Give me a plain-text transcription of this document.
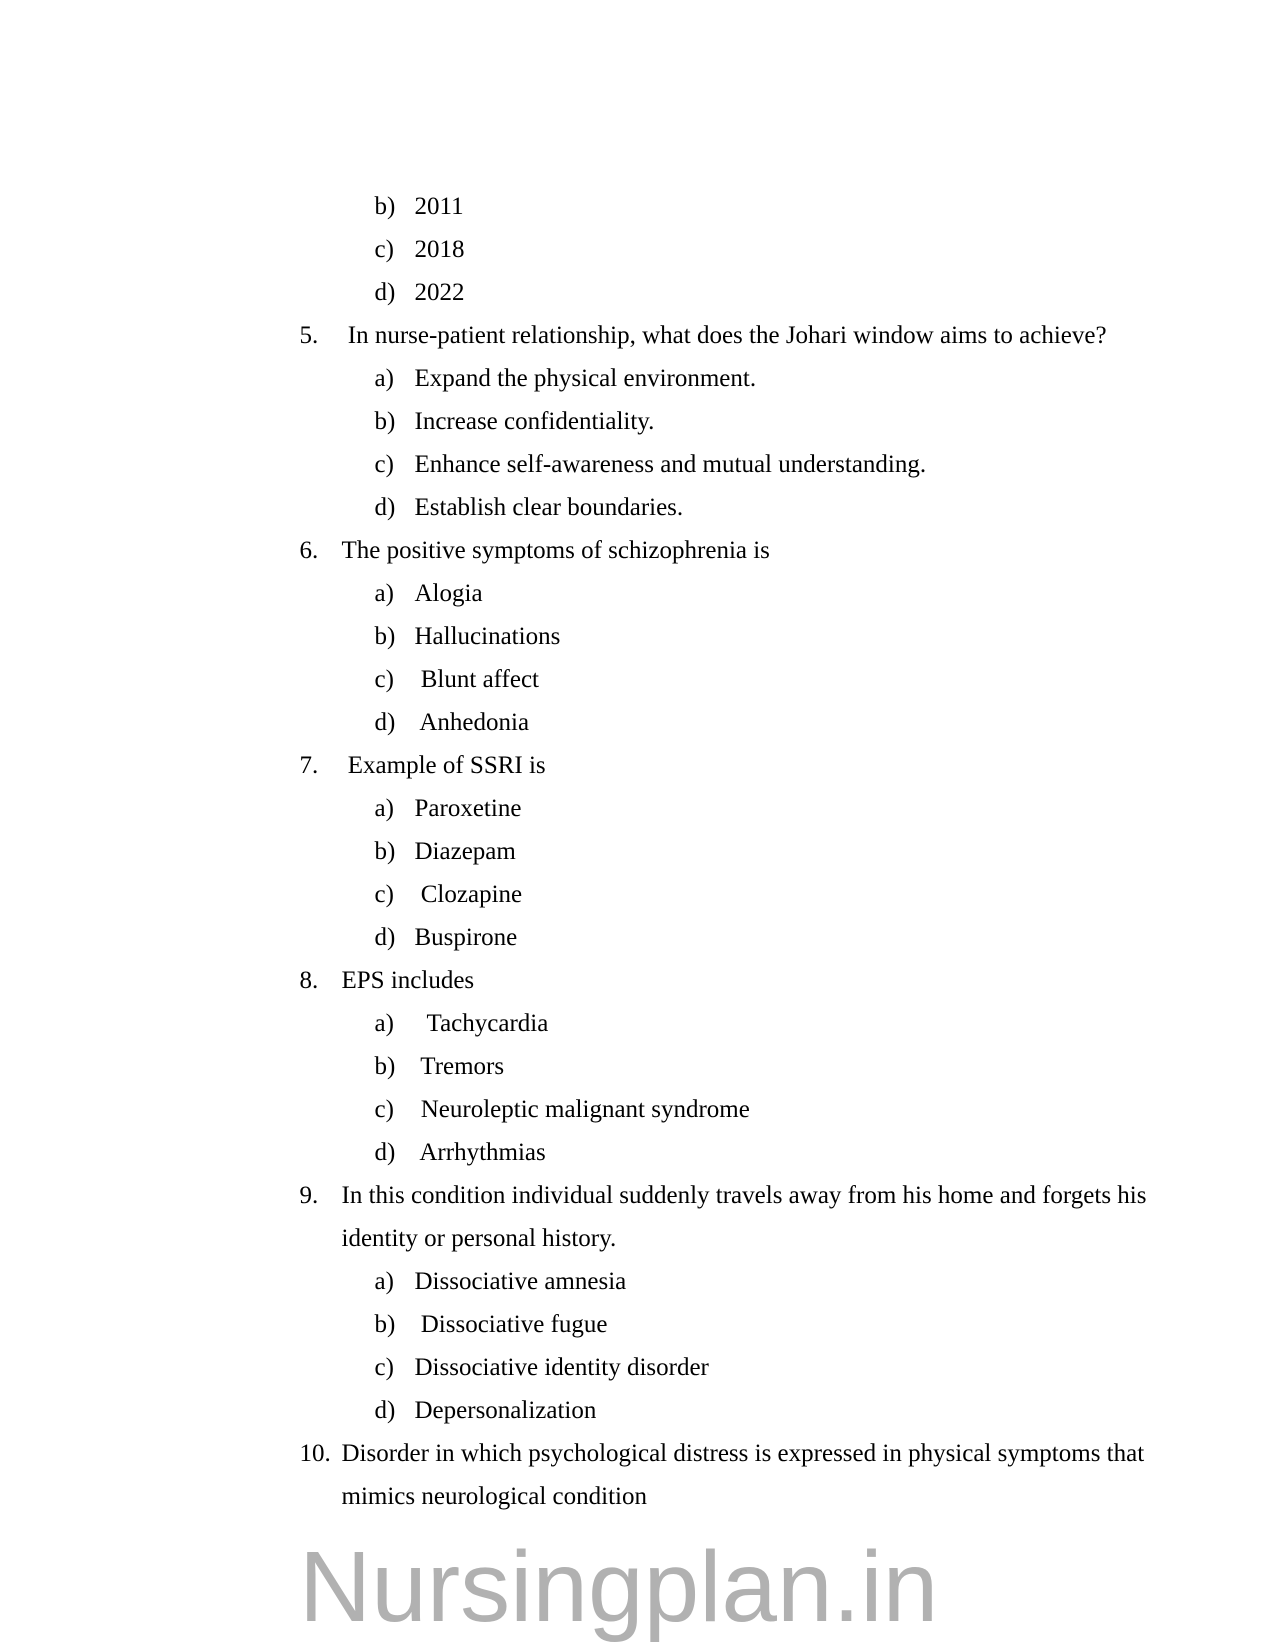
b) 2011

c) 2018

d) 2022

5. In nurse-patient relationship, what does the Johari window aims to achieve?

a) Expand the physical environment.

b) Increase confidentiality.

c) Enhance self-awareness and mutual understanding.

d) Establish clear boundaries.

6. The positive symptoms of schizophrenia is

a) Alogia

b) Hallucinations

c) Blunt affect

d) Anhedonia

7. Example of SSRI is

a) Paroxetine

b) Diazepam

c) Clozapine

d) Buspirone

8. EPS includes

a)  Tachycardia

b) Tremors

c) Neuroleptic malignant syndrome

d) Arrhythmias

9. In this condition individual suddenly travels away from his home and forgets his

identity or personal history.

a) Dissociative amnesia

b) Dissociative fugue

c) Dissociative identity disorder

d) Depersonalization

10. Disorder in which psychological distress is expressed in physical symptoms that

mimics neurological condition

Nursingplan.in
